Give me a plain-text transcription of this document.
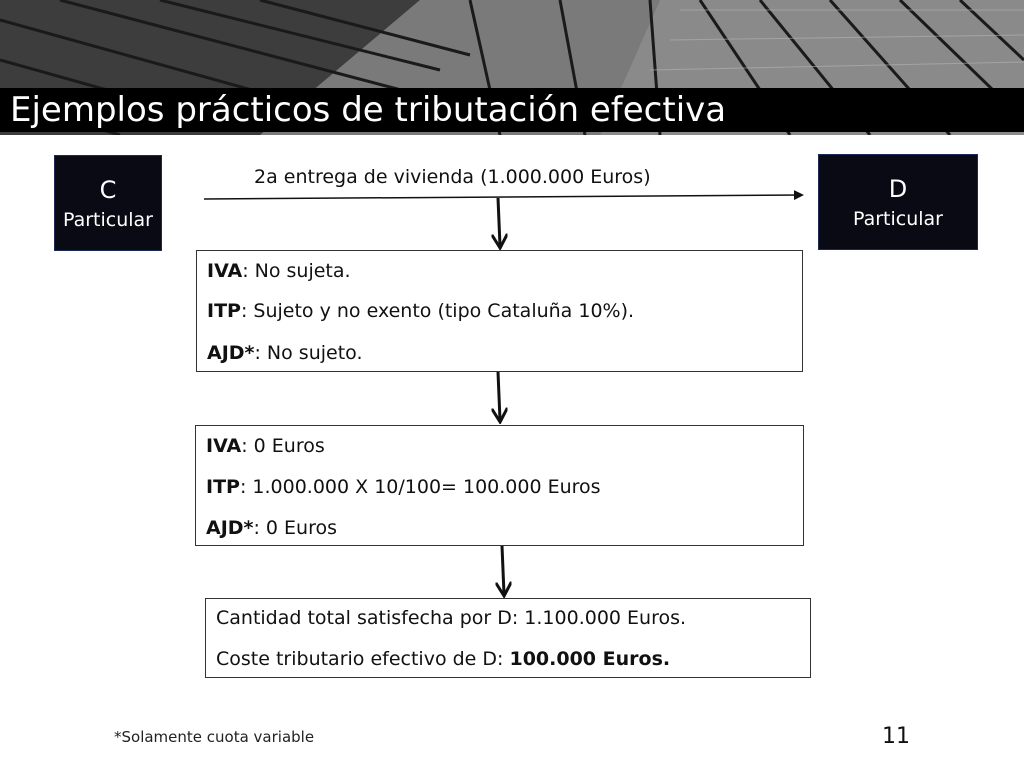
Ejemplos prácticos de tributación efectiva
C
Particular
D
Particular
2a entrega de vivienda (1.000.000 Euros)
IVA: No sujeta.
ITP: Sujeto y no exento (tipo Cataluña 10%).
AJD*: No sujeto.
IVA: 0 Euros
ITP: 1.000.000 X 10/100= 100.000 Euros
AJD*: 0 Euros
Cantidad total satisfecha por D: 1.100.000 Euros.
Coste tributario efectivo de D: 100.000 Euros.
*Solamente cuota variable	11
